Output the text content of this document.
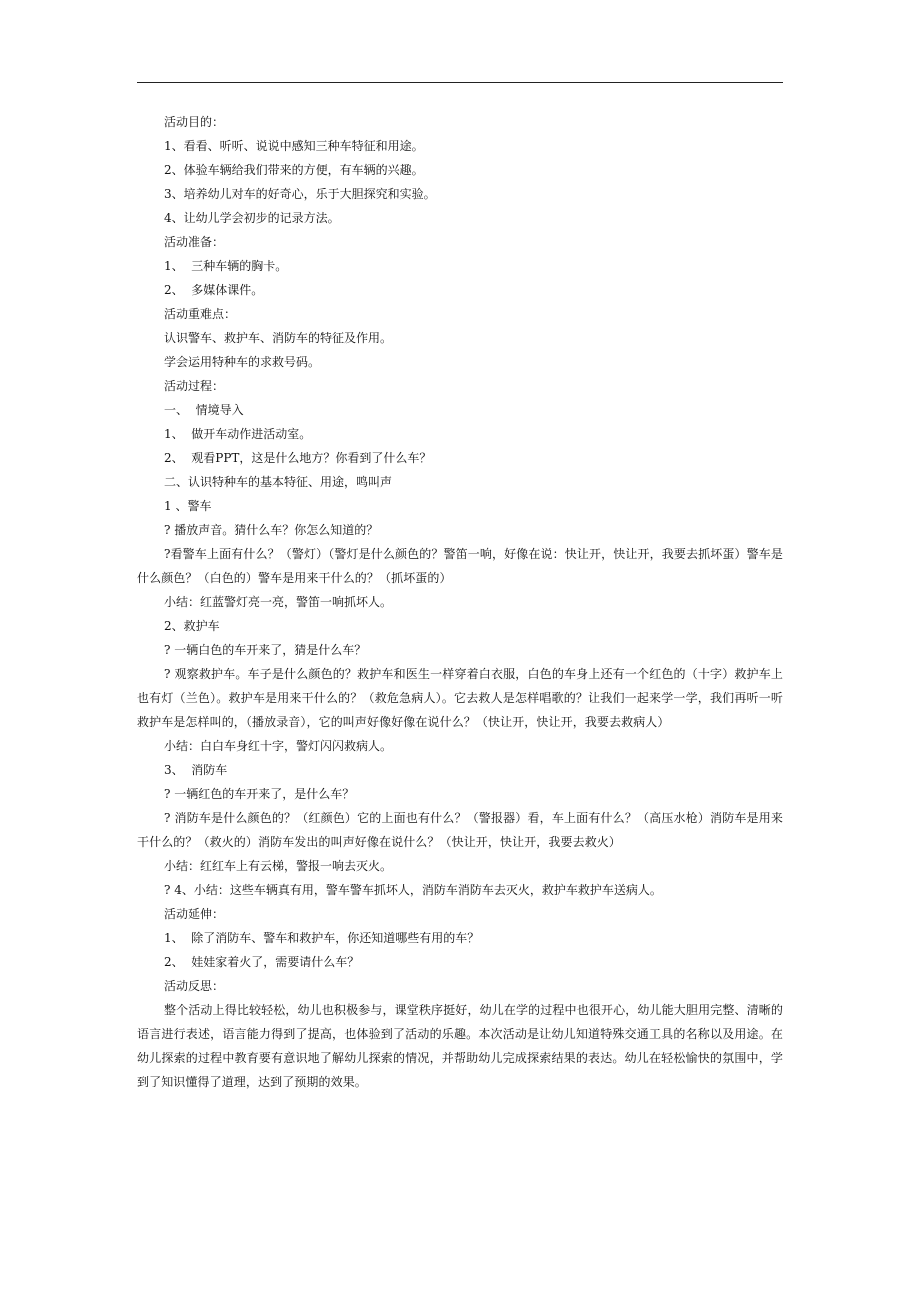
活动目的：
1、看看、听听、说说中感知三种车特征和用途。
2、体验车辆给我们带来的方便，有车辆的兴趣。
3、培养幼儿对车的好奇心，乐于大胆探究和实验。
4、让幼儿学会初步的记录方法。
活动准备：
1、  三种车辆的胸卡。
2、  多媒体课件。
活动重难点：
认识警车、救护车、消防车的特征及作用。
学会运用特种车的求救号码。
活动过程：
一、  情境导入
1、  做开车动作进活动室。
2、  观看PPT，这是什么地方？你看到了什么车？
二、认识特种车的基本特征、用途，鸣叫声
1 、警车
? 播放声音。猜什么车？你怎么知道的？
?看警车上面有什么？（警灯）（警灯是什么颜色的？警笛一响，好像在说：快让开，快让开，我要去抓坏蛋）警车是什么颜色？（白色的）警车是用来干什么的？（抓坏蛋的）
小结：红蓝警灯亮一亮，警笛一响抓坏人。
2、救护车
? 一辆白色的车开来了，猜是什么车？
? 观察救护车。车子是什么颜色的？救护车和医生一样穿着白衣服，白色的车身上还有一个红色的（十字）救护车上也有灯（兰色）。救护车是用来干什么的？（救危急病人）。它去救人是怎样唱歌的？让我们一起来学一学，我们再听一听救护车是怎样叫的，（播放录音），它的叫声好像好像在说什么？（快让开，快让开，我要去救病人）
小结：白白车身红十字，警灯闪闪救病人。
3、  消防车
? 一辆红色的车开来了，是什么车？
? 消防车是什么颜色的？（红颜色）它的上面也有什么？（警报器）看，车上面有什么？（高压水枪）消防车是用来干什么的？（救火的）消防车发出的叫声好像在说什么？（快让开，快让开，我要去救火）
小结：红红车上有云梯，警报一响去灭火。
? 4、小结：这些车辆真有用，警车警车抓坏人，消防车消防车去灭火，救护车救护车送病人。
活动延伸：
1、  除了消防车、警车和救护车，你还知道哪些有用的车？
2、  娃娃家着火了，需要请什么车？
活动反思：
整个活动上得比较轻松，幼儿也积极参与，课堂秩序挺好，幼儿在学的过程中也很开心，幼儿能大胆用完整、清晰的语言进行表述，语言能力得到了提高，也体验到了活动的乐趣。本次活动是让幼儿知道特殊交通工具的名称以及用途。在幼儿探索的过程中教育要有意识地了解幼儿探索的情况，并帮助幼儿完成探索结果的表达。幼儿在轻松愉快的氛围中，学到了知识懂得了道理，达到了预期的效果。
